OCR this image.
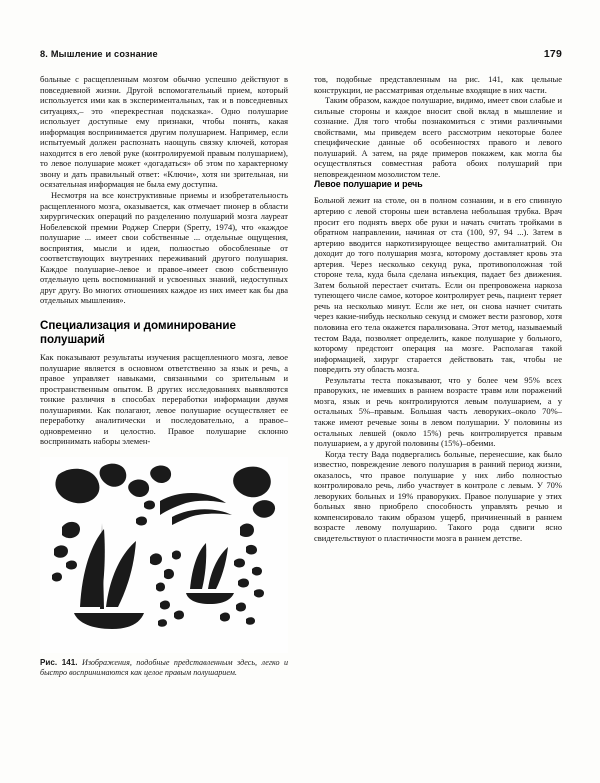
8. Мышление и сознание	179

больные с расщепленным мозгом обычно успешно действуют в повседневной жизни. Другой вспомогательный прием, который используется ими как в экспериментальных, так и в повседневных ситуациях,– это «перекрестная подсказка». Одно полушарие использует доступные ему признаки, чтобы понять, какая информация воспринимается другим полушарием. Например, если испытуемый должен распознать наощупь связку ключей, которая находится в его левой руке (контролируемой правым полушарием), то левое полушарие может «догадаться» об этом по характерному звону и дать правильный ответ: «Ключи», хотя ни зрительная, ни осязательная информация не была ему доступна.

Несмотря на все конструктивные приемы и изобретательность расщепленного мозга, оказывается, как отмечает пионер в области хирургических операций по разделению полушарий мозга лауреат Нобелевской премии Роджер Сперри (Sperry, 1974), что «каждое полушарие ... имеет свои собственные ... отдельные ощущения, восприятия, мысли и идеи, полностью обособленные от соответствующих внутренних переживаний другого полушария. Каждое полушарие–левое и правое–имеет свою собственную отдельную цепь воспоминаний и усвоенных знаний, недоступных друг другу. Во многих отношениях каждое из них имеет как бы два отдельных мышления».

Специализация и доминирование полушарий

Как показывают результаты изучения расщепленного мозга, левое полушарие является в основном ответственно за язык и речь, а правое управляет навыками, связанными со зрительным и пространственным опытом. В других исследованиях выявляются тонкие различия в способах переработки информации двумя полушариями. Как полагают, левое полушарие осуществляет ее переработку аналитически и последовательно, а правое–одновременно и целостно. Правое полушарие склонно воспринимать наборы элемен-

Рис. 141. Изображения, подобные представленным здесь, легко и быстро воспринимаются как целое правым полушарием.

тов, подобные представленным на рис. 141, как цельные конструкции, не рассматривая отдельные входящие в них части.

Таким образом, каждое полушарие, видимо, имеет свои слабые и сильные стороны и каждое вносит свой вклад в мышление и сознание. Для того чтобы познакомиться с этими различными свойствами, мы приведем всего рассмотрим некоторые более специфические данные об особенностях правого и левого полушарий. А затем, на ряде примеров покажем, как могла бы осуществляться совместная работа обоих полушарий при неповрежденном мозолистом теле.

Левое полушарие и речь

Больной лежит на столе, он в полном сознании, и в его спинную артерию с левой стороны шеи вставлена небольшая трубка. Врач просит его поднять вверх обе руки и начать считать тройками в обратном направлении, начиная от ста (100, 97, 94 ...). Затем в артерию вводится наркотизирующее вещество амиталнатрий. Он доходит до того полушария мозга, которому доставляет кровь эта артерия. Через несколько секунд рука, противоположная той стороне тела, куда была сделана инъекция, падает без движения. Затем больной перестает считать. Если он препровожена наркоза тупеющего числе самое, которое контролирует речь, пациент теряет речь на несколько минут. Если же нет, он снова начнет считать через какие-нибудь несколько секунд и сможет вести разговор, хотя половина его тела окажется парализована. Этот метод, называемый тестом Вада, позволяет определить, какое полушарие у больного, которому предстоит операция на мозге. Располагая такой информацией, хирург старается действовать так, чтобы не повредить эту область мозга.

Результаты теста показывают, что у более чем 95% всех праворуких, не имевших в раннем возрасте травм или поражений мозга, язык и речь контролируются левым полушарием, а у остальных 5%–правым. Большая часть леворуких–около 70%–также имеют речевые зоны в левом полушарии. У половины из остальных левшей (около 15%) речь контролируется правым полушарием, а у другой половины (15%)–обеими.

Когда тесту Вада подвергались больные, перенесшие, как было известно, повреждение левого полушария в ранний период жизни, оказалось, что правое полушарие у них либо полностью контролировало речь, либо участвует в контроле с левым. У 70% леворуких больных и 19% праворуких. Правое полушарие у этих больных явно приобрело способность управлять речью и компенсировало таким образом ущерб, причиненный в раннем возрасте левому полушарию. Такого рода сдвиги ясно свидетельствуют о пластичности мозга в раннем детстве.
